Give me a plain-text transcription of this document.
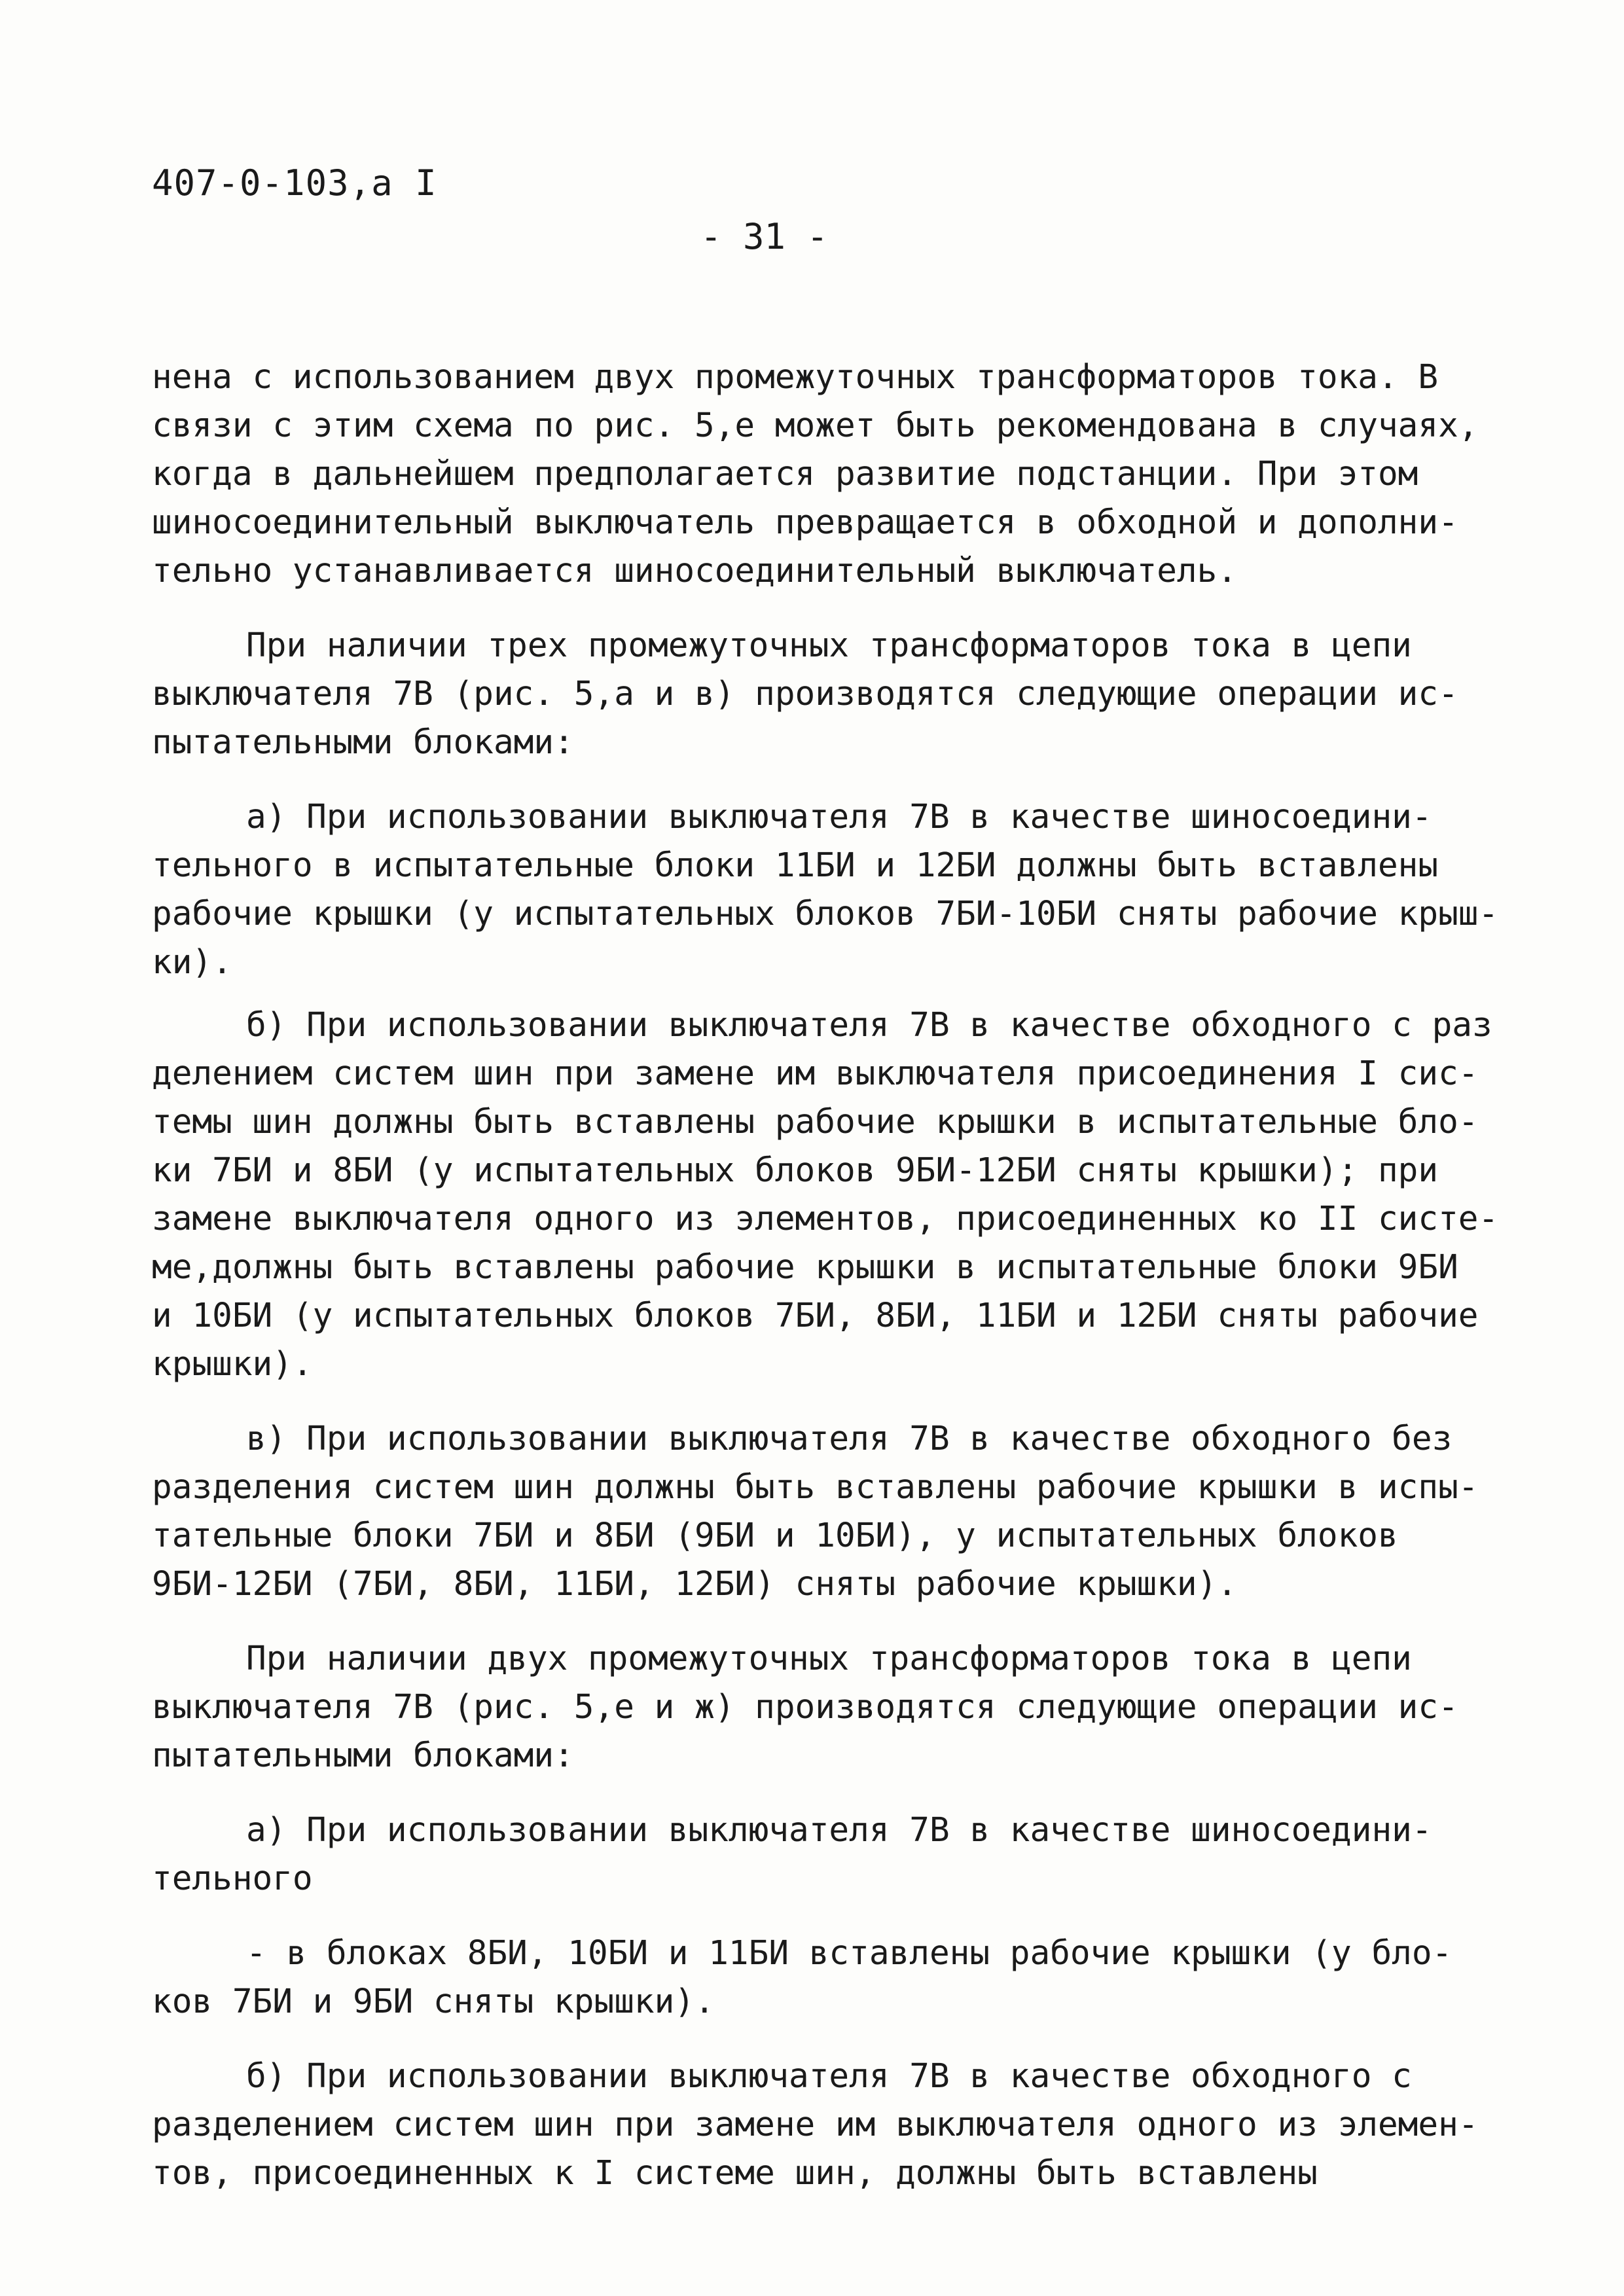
407-0-103,а I
- 31 -
нена с использованием двух промежуточных трансформаторов тока. В
связи с этим схема по рис. 5,е может быть рекомендована в случаях,
когда в дальнейшем предполагается развитие подстанции. При этом
шиносоединительный выключатель превращается в обходной и дополни-
тельно устанавливается шиносоединительный выключатель.
При наличии трех промежуточных трансформаторов тока в цепи
выключателя 7В (рис. 5,а и в) производятся следующие операции ис-
пытательными блоками:
а) При использовании выключателя 7В в качестве шиносоедини-
тельного в испытательные блоки 11БИ и 12БИ должны быть вставлены
рабочие крышки (у испытательных блоков 7БИ-10БИ сняты рабочие крыш-
ки).
б) При использовании выключателя 7В в качестве обходного с раз
делением систем шин при замене им выключателя присоединения I сис-
темы шин должны быть вставлены рабочие крышки в испытательные бло-
ки 7БИ и 8БИ (у испытательных блоков 9БИ-12БИ сняты крышки); при
замене выключателя одного из элементов, присоединенных ко II систе-
ме,должны быть вставлены рабочие крышки в испытательные блоки 9БИ
и 10БИ (у испытательных блоков 7БИ, 8БИ, 11БИ и 12БИ сняты рабочие
крышки).
в) При использовании выключателя 7В в качестве обходного без
разделения систем шин должны быть вставлены рабочие крышки в испы-
тательные блоки 7БИ и 8БИ (9БИ и 10БИ), у испытательных блоков
9БИ-12БИ (7БИ, 8БИ, 11БИ, 12БИ) сняты рабочие крышки).
При наличии двух промежуточных трансформаторов тока в цепи
выключателя 7В (рис. 5,е и ж) производятся следующие операции ис-
пытательными блоками:
а) При использовании выключателя 7В в качестве шиносоедини-
тельного
- в блоках 8БИ, 10БИ и 11БИ вставлены рабочие крышки (у бло-
ков 7БИ и 9БИ сняты крышки).
б) При использовании выключателя 7В в качестве обходного с
разделением систем шин при замене им выключателя одного из элемен-
тов, присоединенных к I системе шин, должны быть вставлены
